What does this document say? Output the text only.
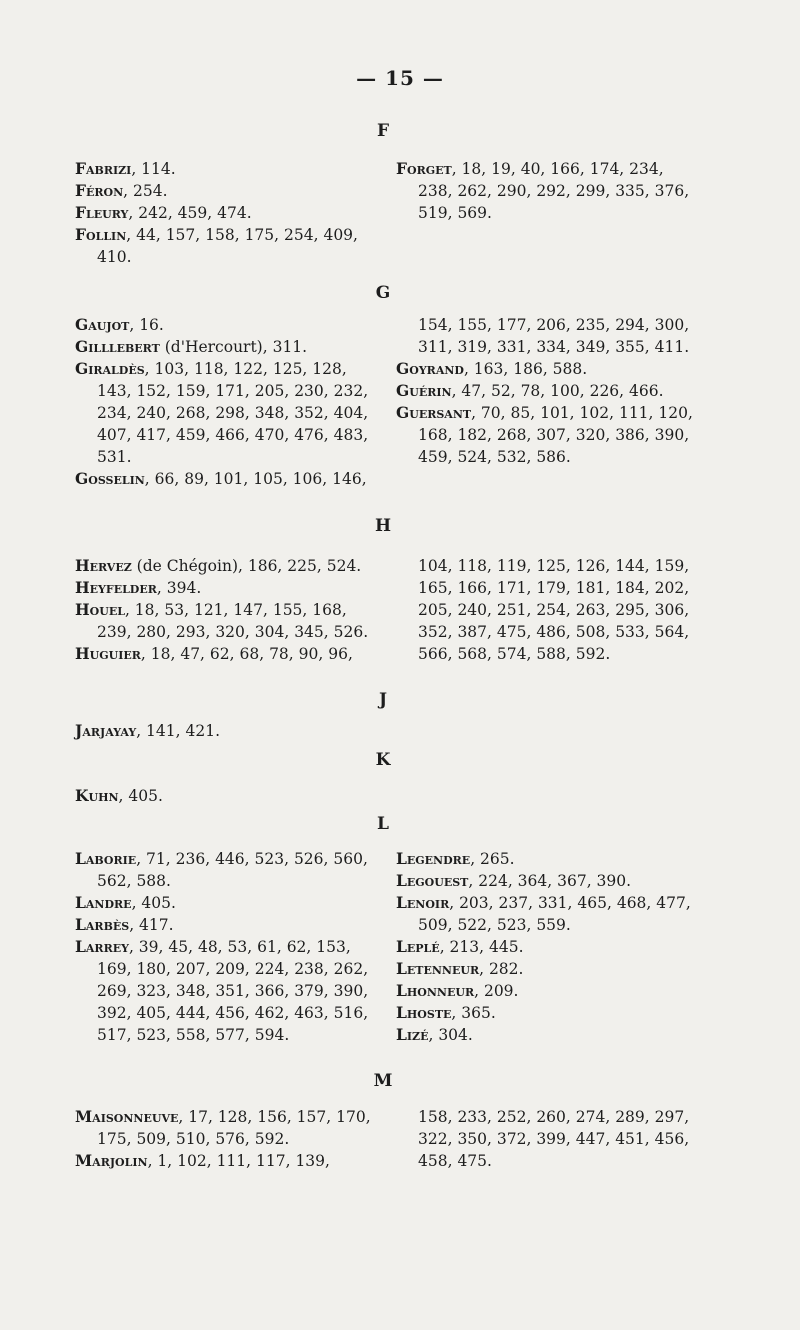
— 15 —
F
Fabrizi, 114.
Féron, 254.
Fleury, 242, 459, 474.
Follin, 44, 157, 158, 175, 254, 409, 410.
Forget, 18, 19, 40, 166, 174, 234, 238, 262, 290, 292, 299, 335, 376, 519, 569.
G
Gaujot, 16.
Gilllebert (d'Hercourt), 311.
Giraldès, 103, 118, 122, 125, 128, 143, 152, 159, 171, 205, 230, 232, 234, 240, 268, 298, 348, 352, 404, 407, 417, 459, 466, 470, 476, 483, 531.
Gosselin, 66, 89, 101, 105, 106, 146,
154, 155, 177, 206, 235, 294, 300, 311, 319, 331, 334, 349, 355, 411.
Goyrand, 163, 186, 588.
Guérin, 47, 52, 78, 100, 226, 466.
Guersant, 70, 85, 101, 102, 111, 120, 168, 182, 268, 307, 320, 386, 390, 459, 524, 532, 586.
H
Hervez (de Chégoin), 186, 225, 524.
Heyfelder, 394.
Houel, 18, 53, 121, 147, 155, 168, 239, 280, 293, 320, 304, 345, 526.
Huguier, 18, 47, 62, 68, 78, 90, 96,
104, 118, 119, 125, 126, 144, 159, 165, 166, 171, 179, 181, 184, 202, 205, 240, 251, 254, 263, 295, 306, 352, 387, 475, 486, 508, 533, 564, 566, 568, 574, 588, 592.
J
Jarjayay, 141, 421.
K
Kuhn, 405.
L
Laborie, 71, 236, 446, 523, 526, 560, 562, 588.
Landre, 405.
Larbès, 417.
Larrey, 39, 45, 48, 53, 61, 62, 153, 169, 180, 207, 209, 224, 238, 262, 269, 323, 348, 351, 366, 379, 390, 392, 405, 444, 456, 462, 463, 516, 517, 523, 558, 577, 594.
Legendre, 265.
Legouest, 224, 364, 367, 390.
Lenoir, 203, 237, 331, 465, 468, 477, 509, 522, 523, 559.
Leplé, 213, 445.
Letenneur, 282.
Lhonneur, 209.
Lhoste, 365.
Lizé, 304.
M
Maisonneuve, 17, 128, 156, 157, 170, 175, 509, 510, 576, 592.
Marjolin, 1, 102, 111, 117, 139,
158, 233, 252, 260, 274, 289, 297, 322, 350, 372, 399, 447, 451, 456, 458, 475.
